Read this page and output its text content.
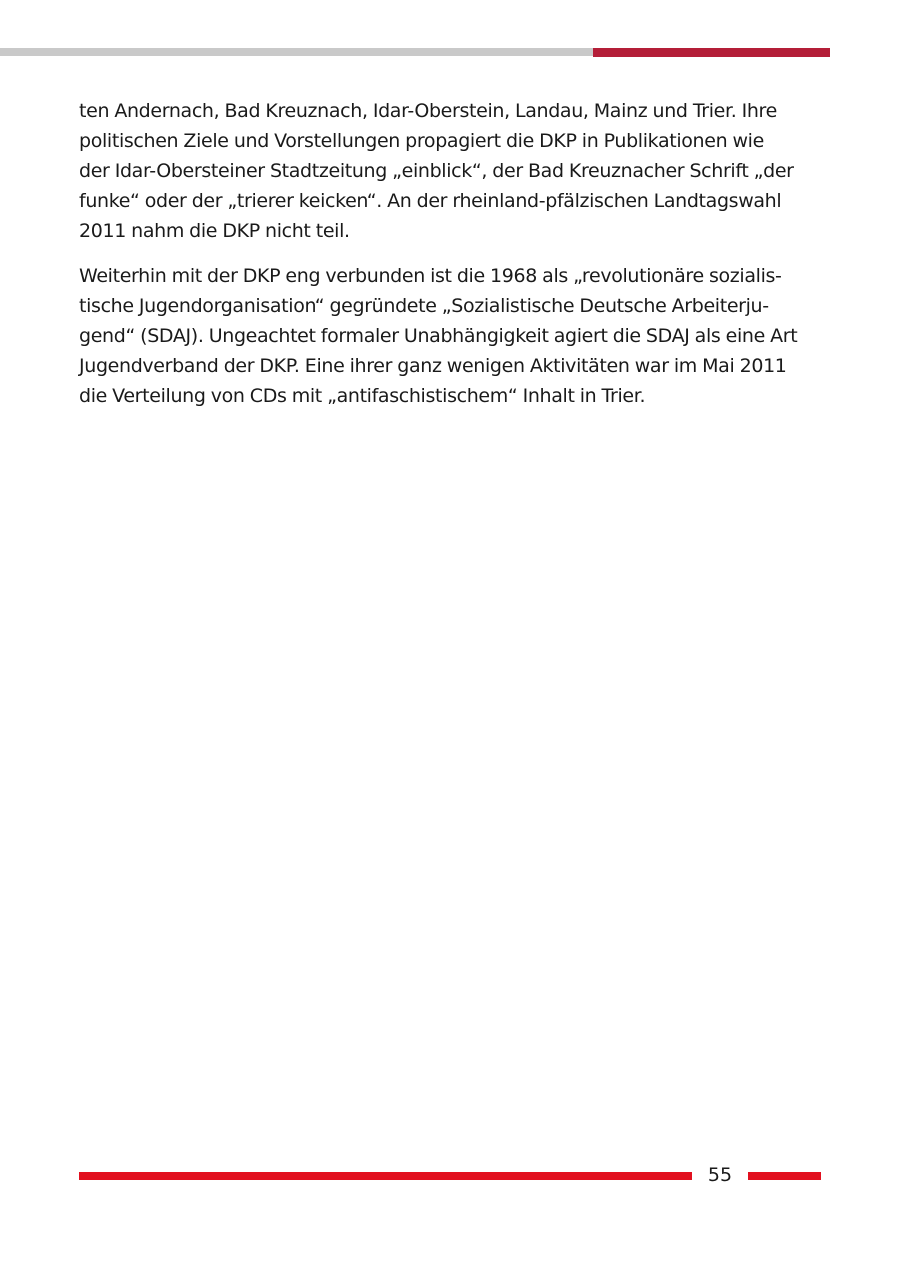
ten Andernach, Bad Kreuznach, Idar-Oberstein, Landau, Mainz und Trier. Ihre
politischen Ziele und Vorstellungen propagiert die DKP in Publikationen wie
der Idar-Obersteiner Stadtzeitung „einblick“, der Bad Kreuznacher Schrift „der
funke“ oder der „trierer keicken“. An der rheinland-pfälzischen Landtagswahl
2011 nahm die DKP nicht teil.

Weiterhin mit der DKP eng verbunden ist die 1968 als „revolutionäre sozialis-
tische Jugendorganisation“ gegründete „Sozialistische Deutsche Arbeiterju-
gend“ (SDAJ). Ungeachtet formaler Unabhängigkeit agiert die SDAJ als eine Art
Jugendverband der DKP. Eine ihrer ganz wenigen Aktivitäten war im Mai 2011
die Verteilung von CDs mit „antifaschistischem“ Inhalt in Trier.

55
